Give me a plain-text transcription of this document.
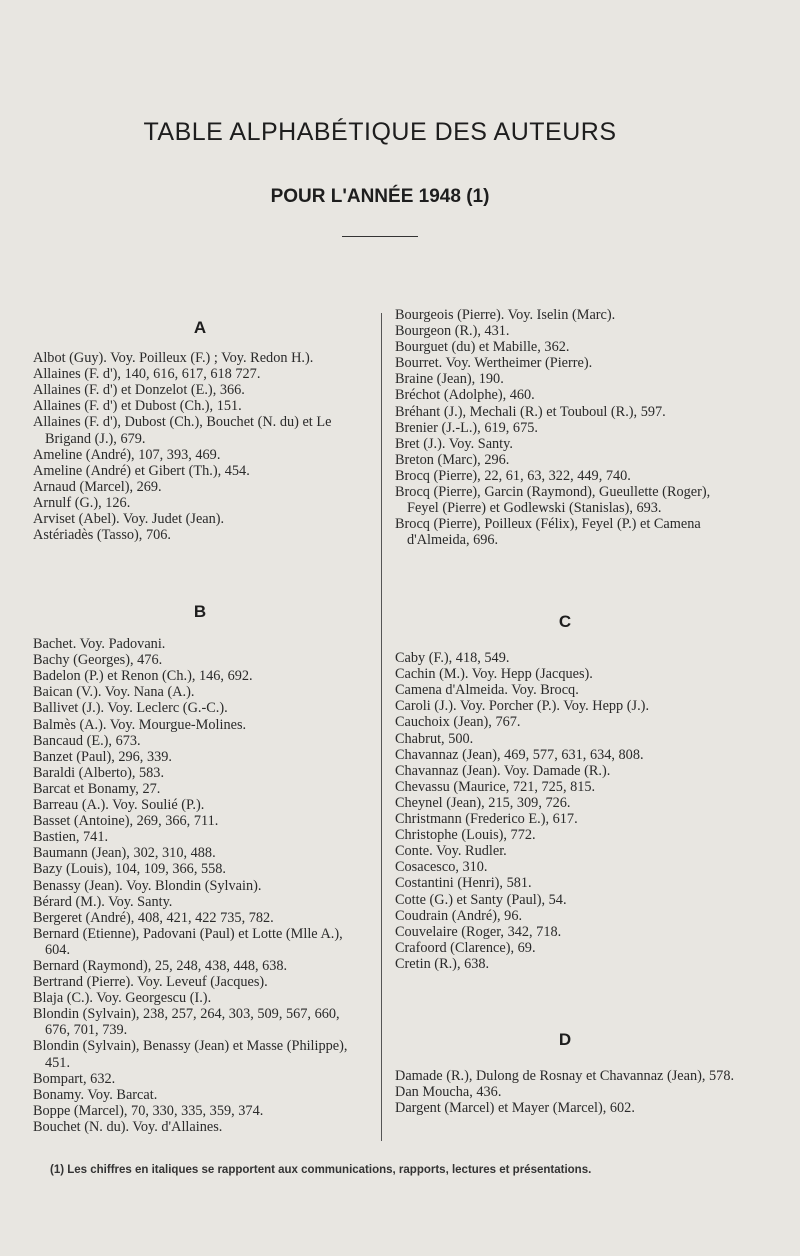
TABLE ALPHABÉTIQUE DES AUTEURS
POUR L'ANNÉE 1948 (1)
A
Albot (Guy). Voy. Poilleux (F.) ; Voy. Redon H.).
Allaines (F. d'), 140, 616, 617, 618 727.
Allaines (F. d') et Donzelot (E.), 366.
Allaines (F. d') et Dubost (Ch.), 151.
Allaines (F. d'), Dubost (Ch.), Bouchet (N. du) et Le Brigand (J.), 679.
Ameline (André), 107, 393, 469.
Ameline (André) et Gibert (Th.), 454.
Arnaud (Marcel), 269.
Arnulf (G.), 126.
Arviset (Abel). Voy. Judet (Jean).
Astériadès (Tasso), 706.
B
Bachet. Voy. Padovani.
Bachy (Georges), 476.
Badelon (P.) et Renon (Ch.), 146, 692.
Baican (V.). Voy. Nana (A.).
Ballivet (J.). Voy. Leclerc (G.-C.).
Balmès (A.). Voy. Mourgue-Molines.
Bancaud (E.), 673.
Banzet (Paul), 296, 339.
Baraldi (Alberto), 583.
Barcat et Bonamy, 27.
Barreau (A.). Voy. Soulié (P.).
Basset (Antoine), 269, 366, 711.
Bastien, 741.
Baumann (Jean), 302, 310, 488.
Bazy (Louis), 104, 109, 366, 558.
Benassy (Jean). Voy. Blondin (Sylvain).
Bérard (M.). Voy. Santy.
Bergeret (André), 408, 421, 422 735, 782.
Bernard (Etienne), Padovani (Paul) et Lotte (Mlle A.), 604.
Bernard (Raymond), 25, 248, 438, 448, 638.
Bertrand (Pierre). Voy. Leveuf (Jacques).
Blaja (C.). Voy. Georgescu (I.).
Blondin (Sylvain), 238, 257, 264, 303, 509, 567, 660, 676, 701, 739.
Blondin (Sylvain), Benassy (Jean) et Masse (Philippe), 451.
Bompart, 632.
Bonamy. Voy. Barcat.
Boppe (Marcel), 70, 330, 335, 359, 374.
Bouchet (N. du). Voy. d'Allaines.
Bourgeois (Pierre). Voy. Iselin (Marc).
Bourgeon (R.), 431.
Bourguet (du) et Mabille, 362.
Bourret. Voy. Wertheimer (Pierre).
Braine (Jean), 190.
Bréchot (Adolphe), 460.
Bréhant (J.), Mechali (R.) et Touboul (R.), 597.
Brenier (J.-L.), 619, 675.
Bret (J.). Voy. Santy.
Breton (Marc), 296.
Brocq (Pierre), 22, 61, 63, 322, 449, 740.
Brocq (Pierre), Garcin (Raymond), Gueullette (Roger), Feyel (Pierre) et Godlewski (Stanislas), 693.
Brocq (Pierre), Poilleux (Félix), Feyel (P.) et Camena d'Almeida, 696.
C
Caby (F.), 418, 549.
Cachin (M.). Voy. Hepp (Jacques).
Camena d'Almeida. Voy. Brocq.
Caroli (J.). Voy. Porcher (P.). Voy. Hepp (J.).
Cauchoix (Jean), 767.
Chabrut, 500.
Chavannaz (Jean), 469, 577, 631, 634, 808.
Chavannaz (Jean). Voy. Damade (R.).
Chevassu (Maurice, 721, 725, 815.
Cheynel (Jean), 215, 309, 726.
Christmann (Frederico E.), 617.
Christophe (Louis), 772.
Conte. Voy. Rudler.
Cosacesco, 310.
Costantini (Henri), 581.
Cotte (G.) et Santy (Paul), 54.
Coudrain (André), 96.
Couvelaire (Roger, 342, 718.
Crafoord (Clarence), 69.
Cretin (R.), 638.
D
Damade (R.), Dulong de Rosnay et Chavannaz (Jean), 578.
Dan Moucha, 436.
Dargent (Marcel) et Mayer (Marcel), 602.
(1) Les chiffres en italiques se rapportent aux communications, rapports, lectures et présentations.
